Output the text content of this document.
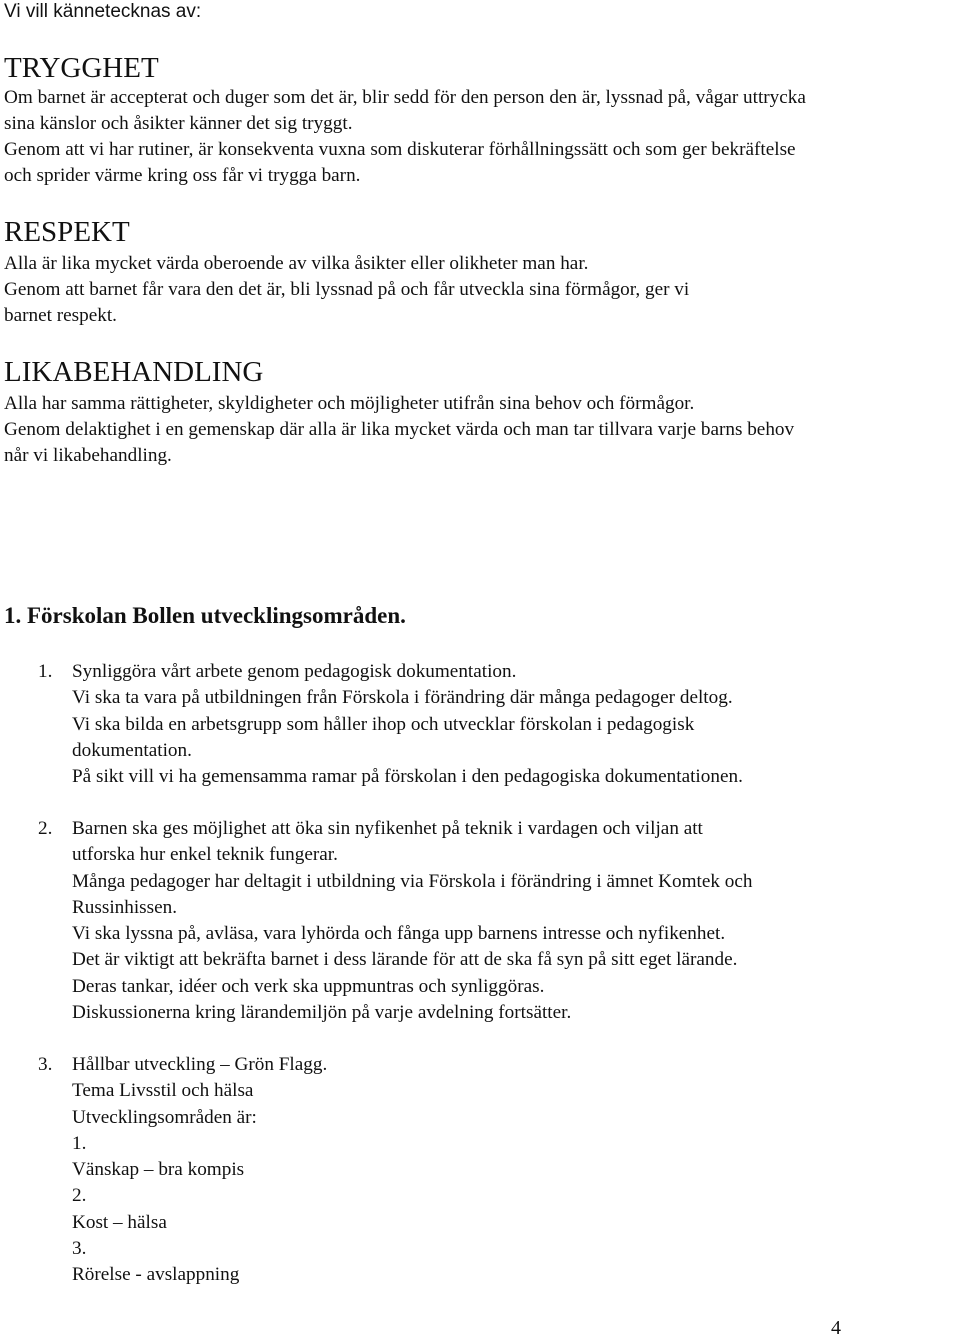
Vi vill kännetecknas av:
TRYGGHET
Om barnet är accepterat och duger som det är, blir sedd för den person den är, lyssnad på, vågar uttrycka
sina känslor och åsikter känner det sig tryggt.
Genom att vi har rutiner, är konsekventa vuxna som diskuterar förhållningssätt och som ger bekräftelse
och sprider värme kring oss får vi trygga barn.
RESPEKT
Alla är lika mycket värda oberoende av vilka åsikter eller olikheter man har.
Genom att barnet får vara den det är, bli lyssnad på och får utveckla sina förmågor, ger vi
barnet respekt.
LIKABEHANDLING
Alla har samma rättigheter, skyldigheter och möjligheter utifrån sina behov och förmågor.
Genom delaktighet i en gemenskap där alla är lika mycket värda och man tar tillvara varje barns behov
når vi likabehandling.
1. Förskolan Bollen utvecklingsområden.
1. Synliggöra vårt arbete genom pedagogisk dokumentation.
Vi ska ta vara på utbildningen från Förskola i förändring där många pedagoger deltog.
Vi ska bilda en arbetsgrupp som håller ihop och utvecklar förskolan i pedagogisk
dokumentation.
På sikt vill vi ha gemensamma ramar på förskolan i den pedagogiska dokumentationen.
2. Barnen ska ges möjlighet att öka sin nyfikenhet på teknik i vardagen och viljan att
utforska hur enkel teknik fungerar.
Många pedagoger har deltagit i utbildning via Förskola i förändring i ämnet Komtek och
Russinhissen.
Vi ska lyssna på, avläsa, vara lyhörda och fånga upp barnens intresse och nyfikenhet.
Det är viktigt att bekräfta barnet i dess lärande för att de ska få syn på sitt eget lärande.
Deras tankar, idéer och verk ska uppmuntras och synliggöras.
Diskussionerna kring lärandemiljön på varje avdelning fortsätter.
3. Hållbar utveckling – Grön Flagg.
Tema Livsstil och hälsa
Utvecklingsområden är:
1.
Vänskap – bra kompis
2.
Kost – hälsa
3.
Rörelse - avslappning
4
